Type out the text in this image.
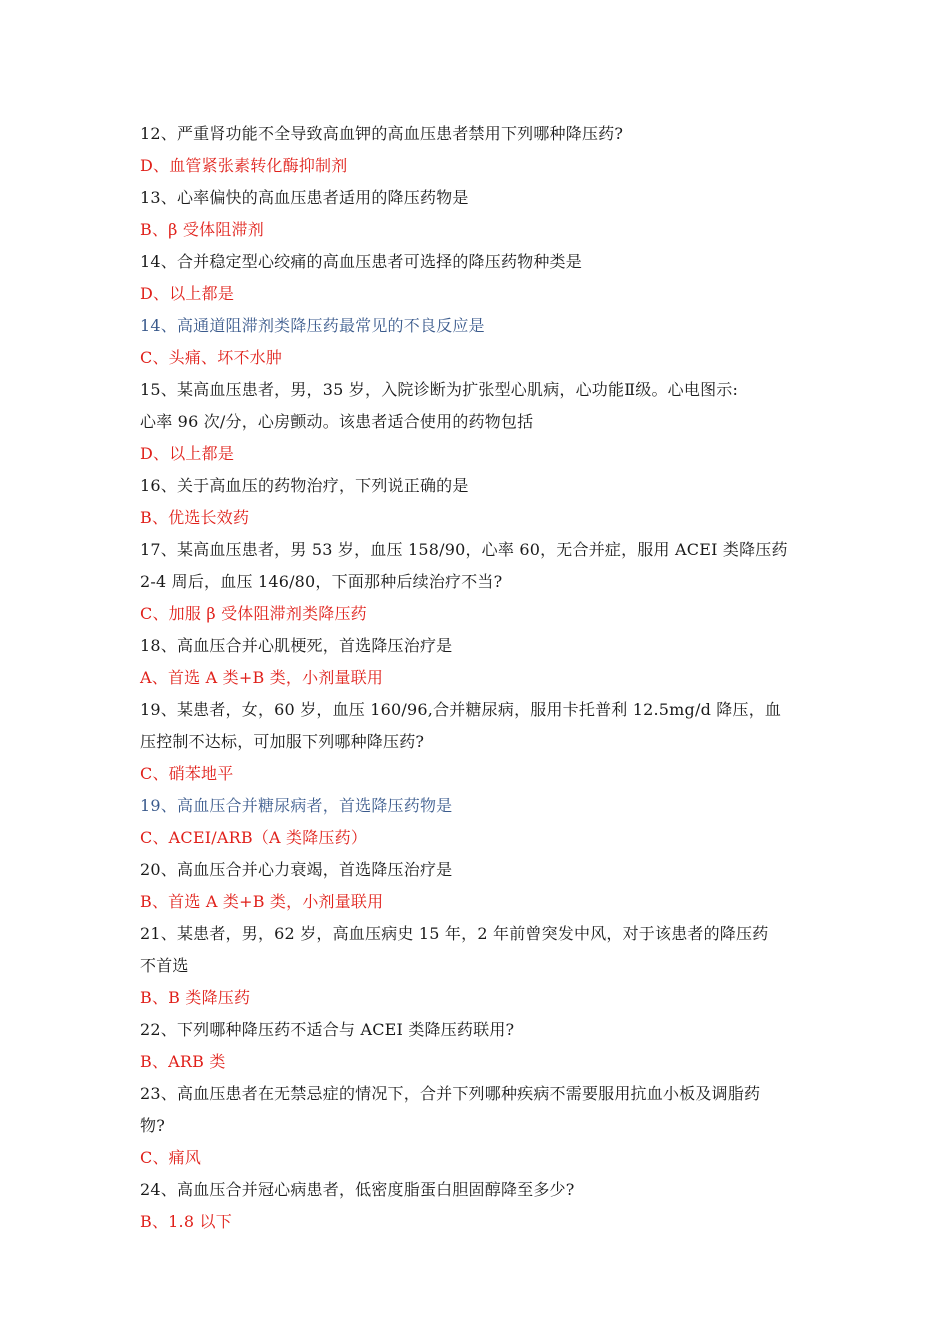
12、严重肾功能不全导致高血钾的高血压患者禁用下列哪种降压药?
D、血管紧张素转化酶抑制剂
13、心率偏快的高血压患者适用的降压药物是
B、β 受体阻滞剂
14、合并稳定型心绞痛的高血压患者可选择的降压药物种类是
D、以上都是
14、高通道阻滞剂类降压药最常见的不良反应是
C、头痛、坏不水肿
15、某高血压患者，男，35 岁，入院诊断为扩张型心肌病，心功能Ⅱ级。心电图示:
心率 96 次/分，心房颤动。该患者适合使用的药物包括
D、以上都是
16、关于高血压的药物治疗，下列说正确的是
B、优选长效药
17、某高血压患者，男 53 岁，血压 158/90，心率 60，无合并症，服用 ACEI 类降压药
2-4 周后，血压 146/80，下面那种后续治疗不当?
C、加服 β 受体阻滞剂类降压药
18、高血压合并心肌梗死，首选降压治疗是
A、首选 A 类+B 类，小剂量联用
19、某患者，女，60 岁，血压 160/96,合并糖尿病，服用卡托普利 12.5mg/d 降压，血
压控制不达标，可加服下列哪种降压药?
C、硝苯地平
19、高血压合并糖尿病者，首选降压药物是
C、ACEI/ARB（A 类降压药）
20、高血压合并心力衰竭，首选降压治疗是
B、首选 A 类+B 类，小剂量联用
21、某患者，男，62 岁，高血压病史 15 年，2 年前曾突发中风，对于该患者的降压药
不首选
B、B 类降压药
22、下列哪种降压药不适合与 ACEI 类降压药联用?
B、ARB 类
23、高血压患者在无禁忌症的情况下，合并下列哪种疾病不需要服用抗血小板及调脂药
物?
C、痛风
24、高血压合并冠心病患者，低密度脂蛋白胆固醇降至多少?
B、1.8 以下
